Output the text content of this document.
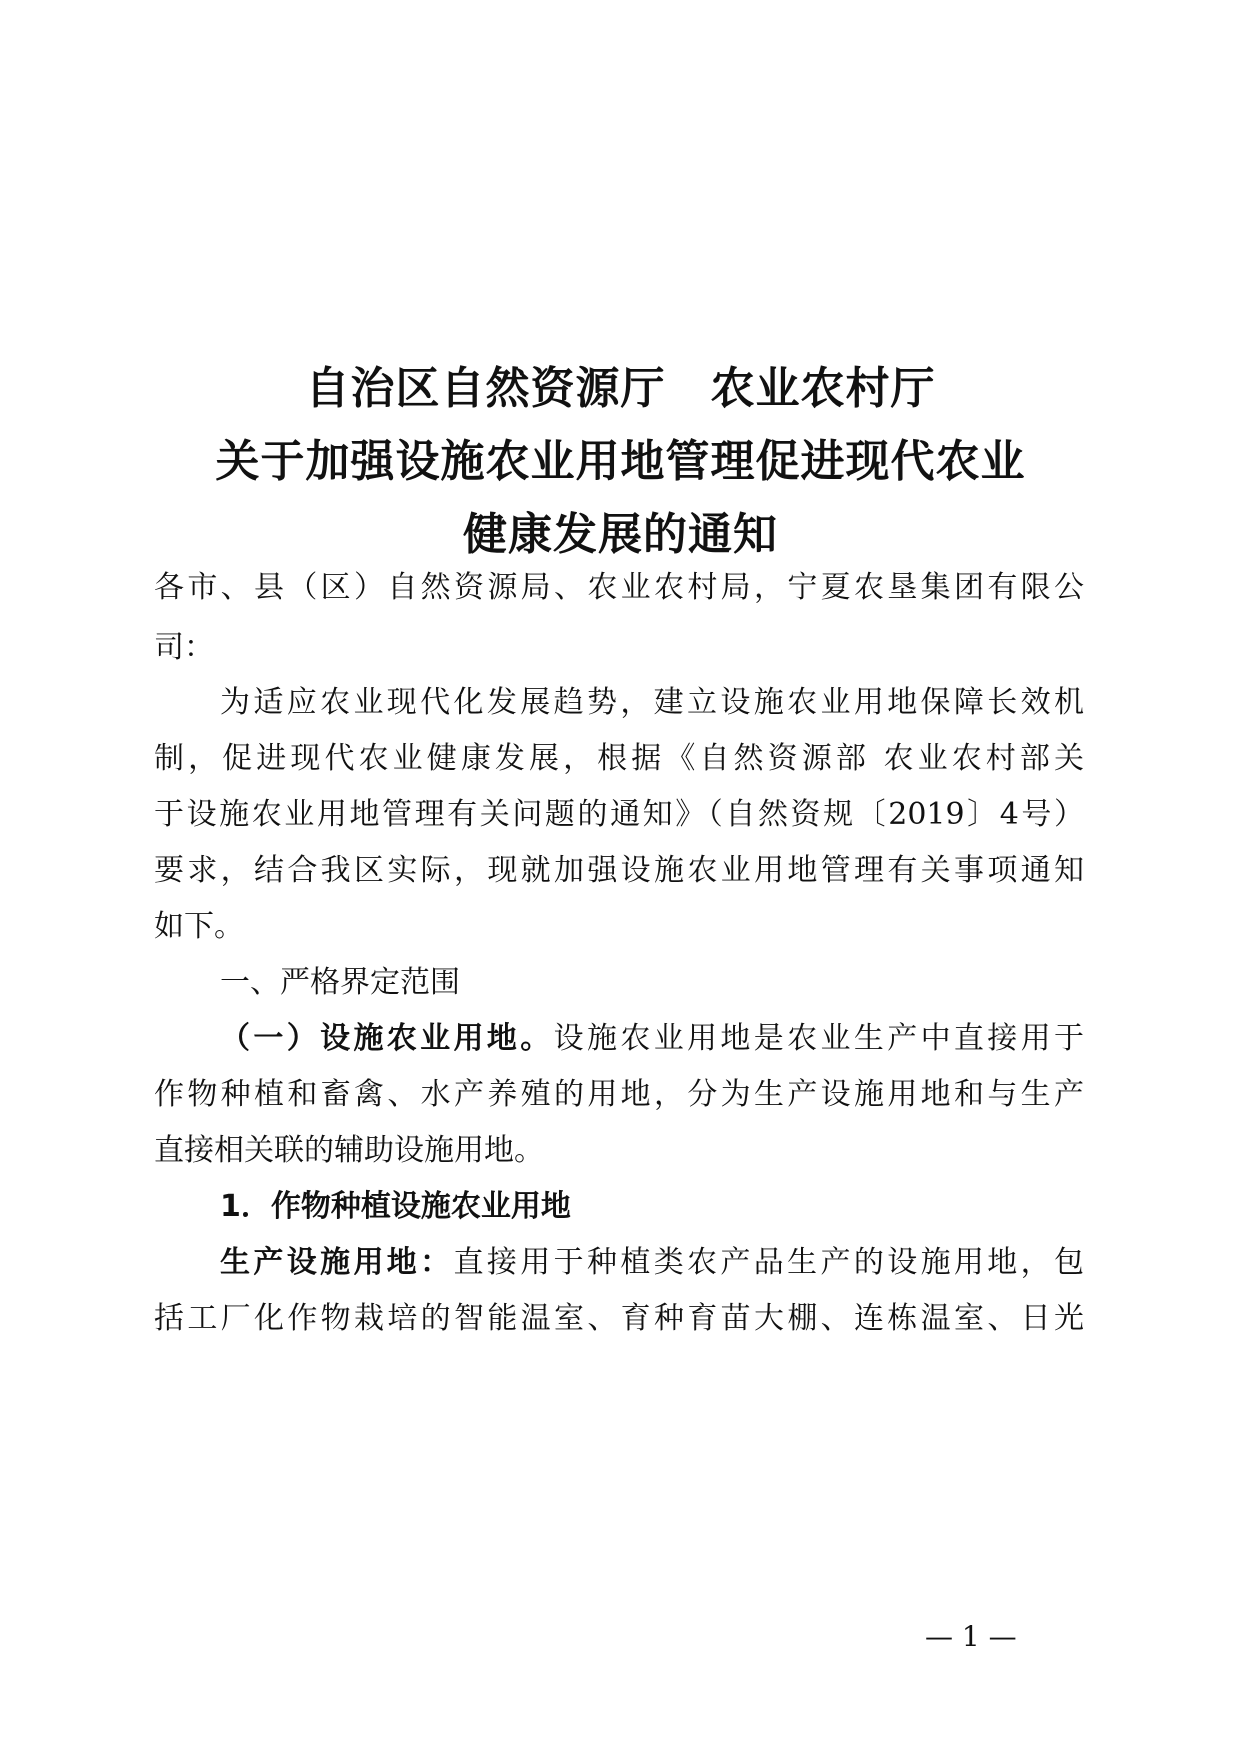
自治区自然资源厅　农业农村厅
关于加强设施农业用地管理促进现代农业
健康发展的通知
各市、县（区）自然资源局、农业农村局，宁夏农垦集团有限公
司：
为适应农业现代化发展趋势，建立设施农业用地保障长效机
制，促进现代农业健康发展，根据《自然资源部 农业农村部关
于设施农业用地管理有关问题的通知》（自然资规〔2019〕4号）
要求，结合我区实际，现就加强设施农业用地管理有关事项通知
如下。
一、严格界定范围
（一）设施农业用地。设施农业用地是农业生产中直接用于
作物种植和畜禽、水产养殖的用地，分为生产设施用地和与生产
直接相关联的辅助设施用地。
1．作物种植设施农业用地
生产设施用地：直接用于种植类农产品生产的设施用地，包
括工厂化作物栽培的智能温室、育种育苗大棚、连栋温室、日光
— 1 —
